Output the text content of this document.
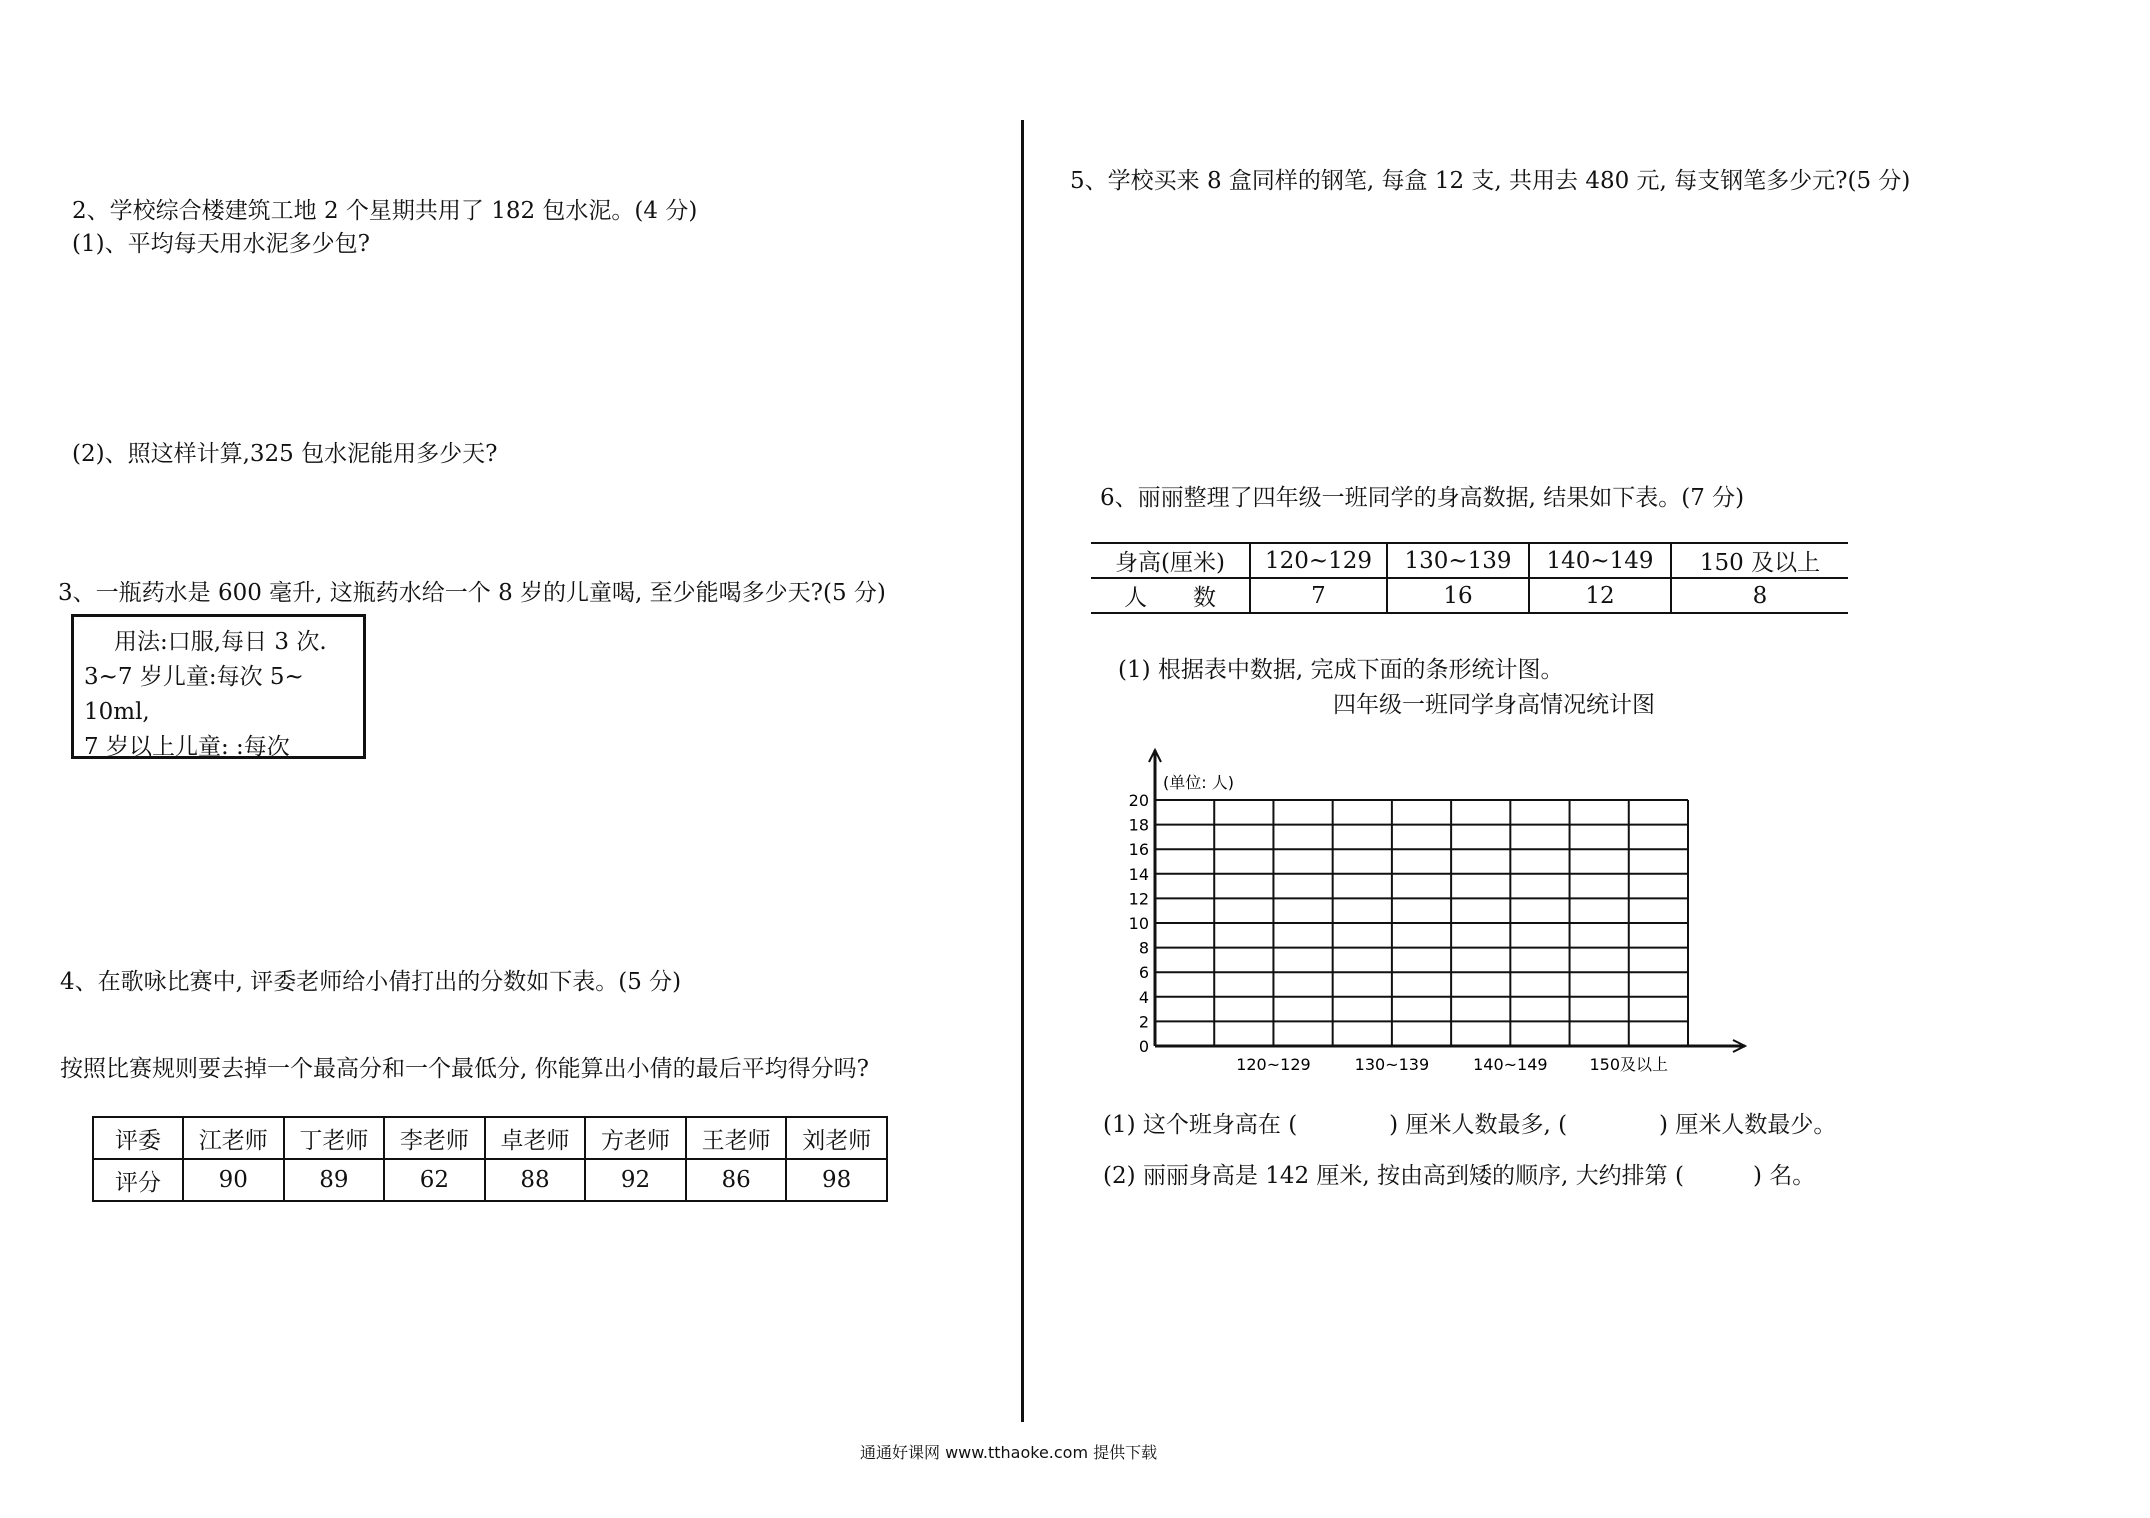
2、学校综合楼建筑工地 2 个星期共用了 182 包水泥。(4 分)
(1)、平均每天用水泥多少包?
(2)、照这样计算,325 包水泥能用多少天?
3、一瓶药水是 600 毫升, 这瓶药水给一个 8 岁的儿童喝, 至少能喝多少天?(5 分)
用法:口服,每日 3 次.
3~7 岁儿童:每次 5~
10ml,
7 岁以上儿童: :每次
4、在歌咏比赛中, 评委老师给小倩打出的分数如下表。(5 分)
按照比赛规则要去掉一个最高分和一个最低分, 你能算出小倩的最后平均得分吗?
评委	江老师	丁老师	李老师	卓老师	方老师	王老师	刘老师
评分	90	89	62	88	92	86	98
5、学校买来 8 盒同样的钢笔, 每盒 12 支, 共用去 480 元, 每支钢笔多少元?(5 分)
6、丽丽整理了四年级一班同学的身高数据, 结果如下表。(7 分)
身高(厘米)	120~129	130~139	140~149	150 及以上
人　　数	7	16	12	8
(1) 根据表中数据, 完成下面的条形统计图。
四年级一班同学身高情况统计图
0
2
4
6
8
10
12
14
16
18
20
(单位: 人)
120~129	130~139	140~149	150及以上
(1) 这个班身高在 (　　　　) 厘米人数最多, (　　　　) 厘米人数最少。
(2) 丽丽身高是 142 厘米, 按由高到矮的顺序, 大约排第 (　　　) 名。
通通好课网 www.tthaoke.com 提供下载
